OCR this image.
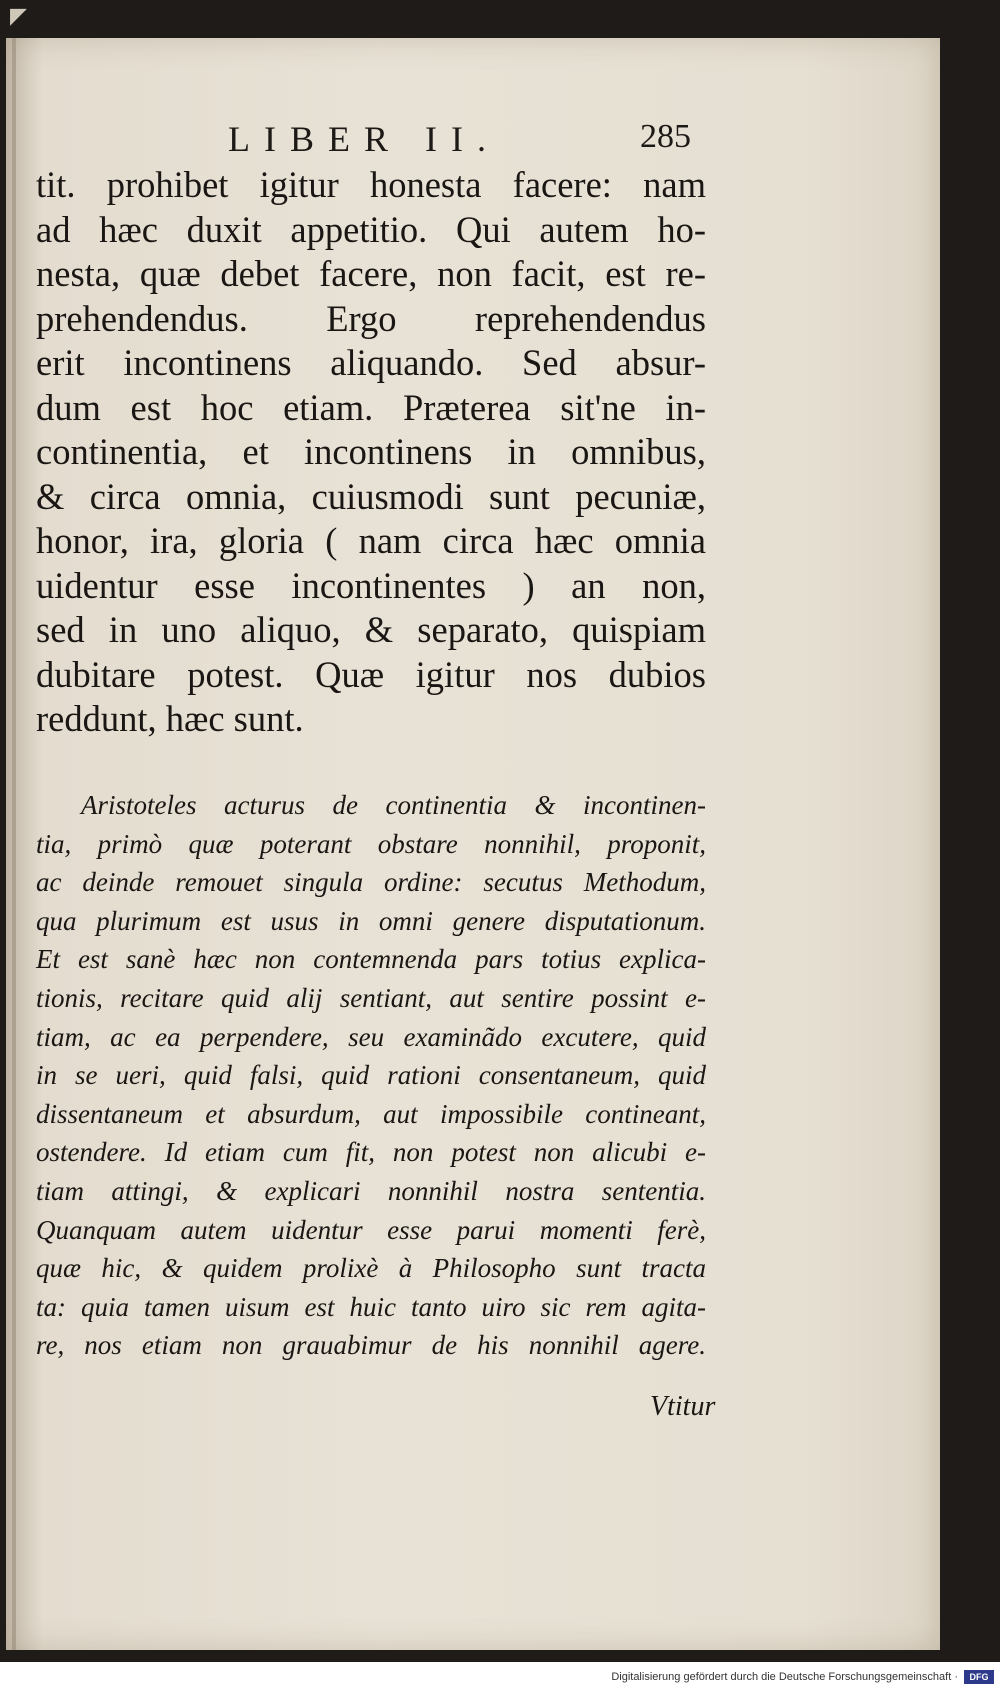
◤
LIBER II.	285
tit. prohibet igitur honesta facere: nam
ad hæc duxit appetitio. Qui autem ho-
nesta, quæ debet facere, non facit, est re-
prehendendus. Ergo reprehendendus
erit incontinens aliquando. Sed absur-
dum est hoc etiam. Præterea sit'ne in-
continentia, et incontinens in omnibus,
& circa omnia, cuiusmodi sunt pecuniæ,
honor, ira, gloria ( nam circa hæc omnia
uidentur esse incontinentes ) an non,
sed in uno aliquo, & separato, quispiam
dubitare potest. Quæ igitur nos dubios
reddunt, hæc sunt.
Aristoteles acturus de continentia & incontinen-
tia, primò quæ poterant obstare nonnihil, proponit,
ac deinde remouet singula ordine: secutus Methodum,
qua plurimum est usus in omni genere disputationum.
Et est sanè hæc non contemnenda pars totius explica-
tionis, recitare quid alij sentiant, aut sentire possint e-
tiam, ac ea perpendere, seu examinãdo excutere, quid
in se ueri, quid falsi, quid rationi consentaneum, quid
dissentaneum et absurdum, aut impossibile contineant,
ostendere. Id etiam cum fit, non potest non alicubi e-
tiam attingi, & explicari nonnihil nostra sententia.
Quanquam autem uidentur esse parui momenti ferè,
quæ hic, & quidem prolixè à Philosopho sunt tracta
ta: quia tamen uisum est huic tanto uiro sic rem agita-
re, nos etiam non grauabimur de his nonnihil agere.
Vtitur
Digitalisierung gefördert durch die Deutsche Forschungsgemeinschaft ·	DFG
